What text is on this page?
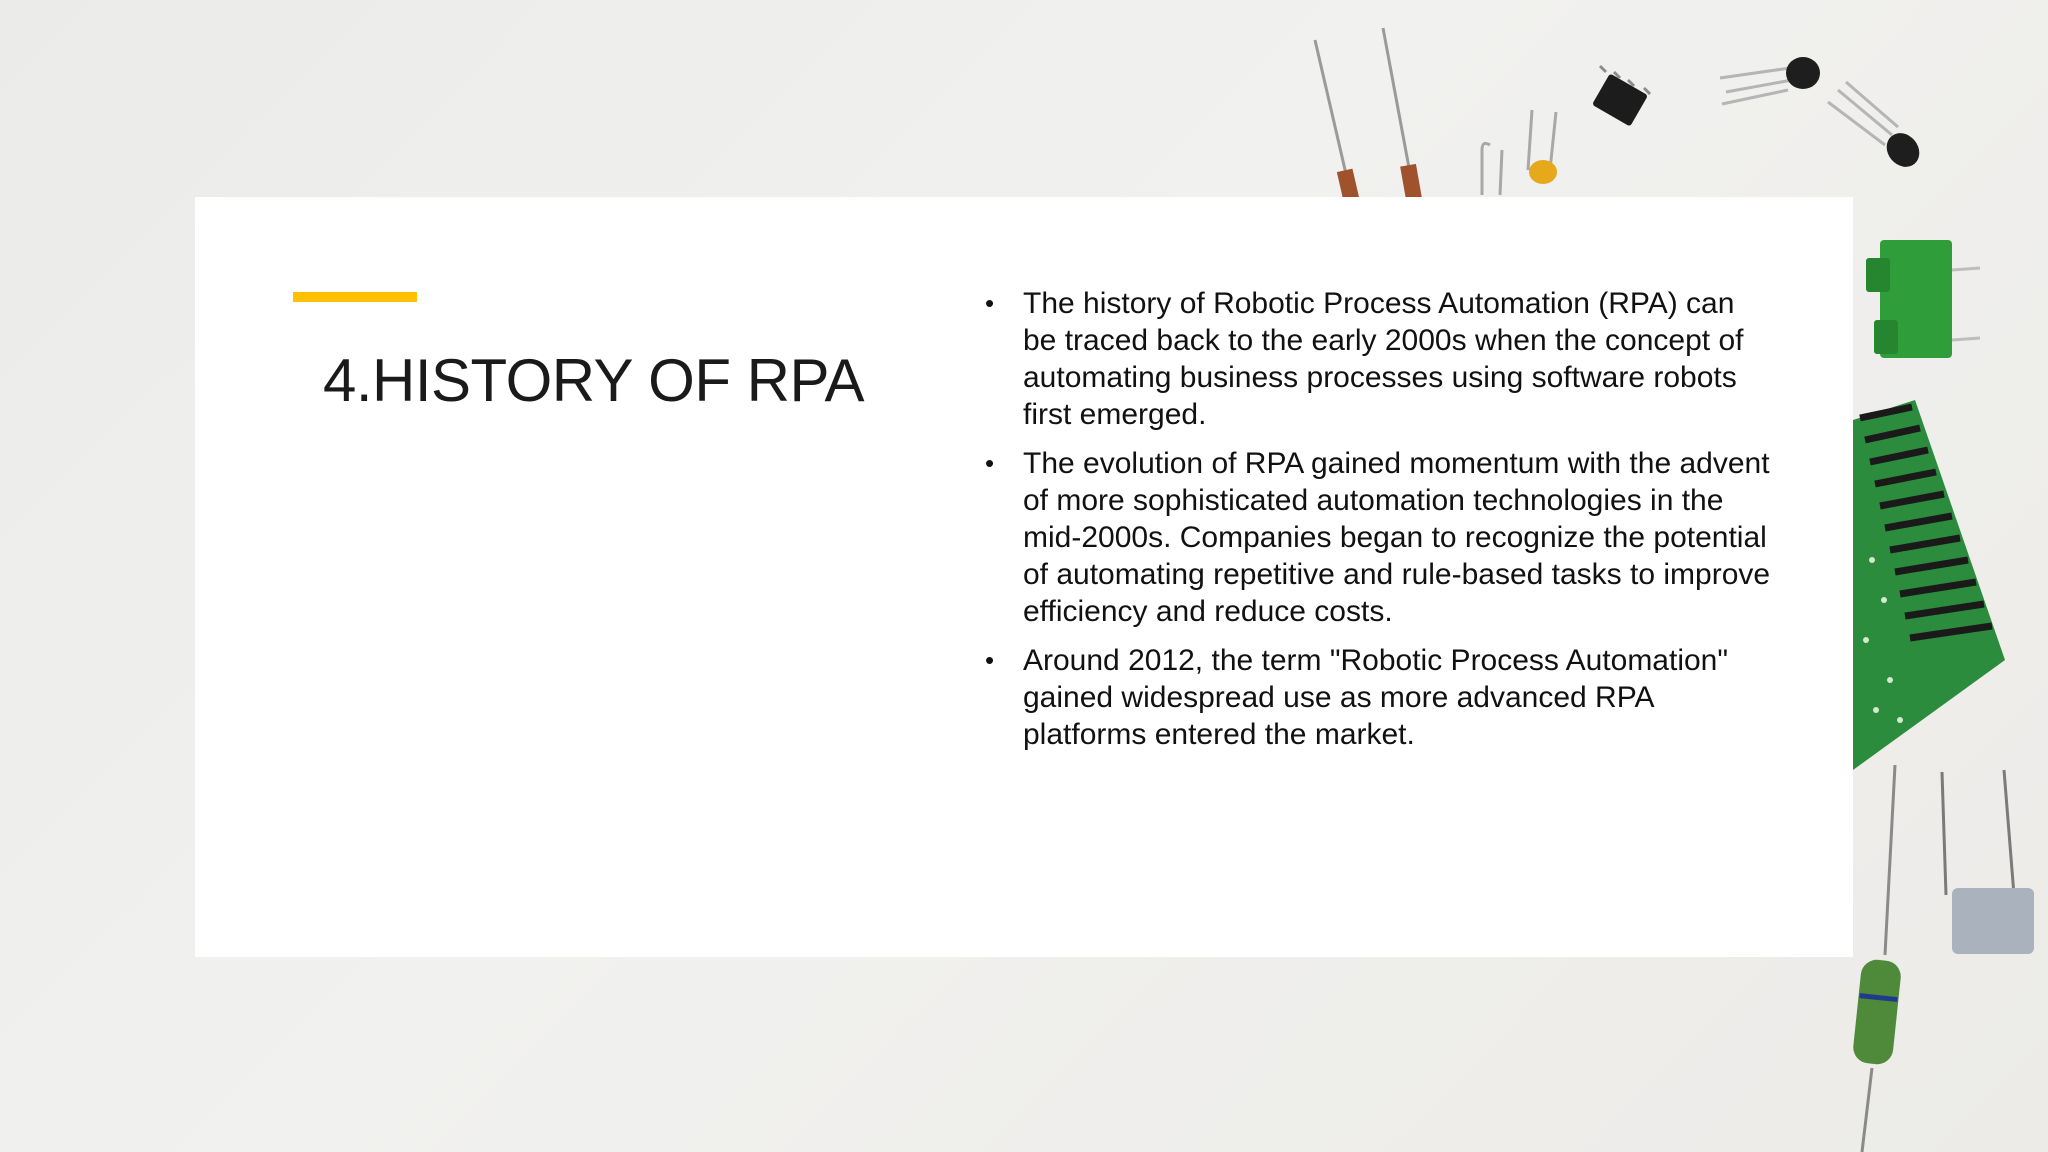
4.HISTORY OF RPA
• The history of Robotic Process Automation (RPA) can be traced back to the early 2000s when the concept of automating business processes using software robots first emerged.
• The evolution of RPA gained momentum with the advent of more sophisticated automation technologies in the mid-2000s. Companies began to recognize the potential of automating repetitive and rule-based tasks to improve efficiency and reduce costs.
• Around 2012, the term "Robotic Process Automation" gained widespread use as more advanced RPA platforms entered the market.
